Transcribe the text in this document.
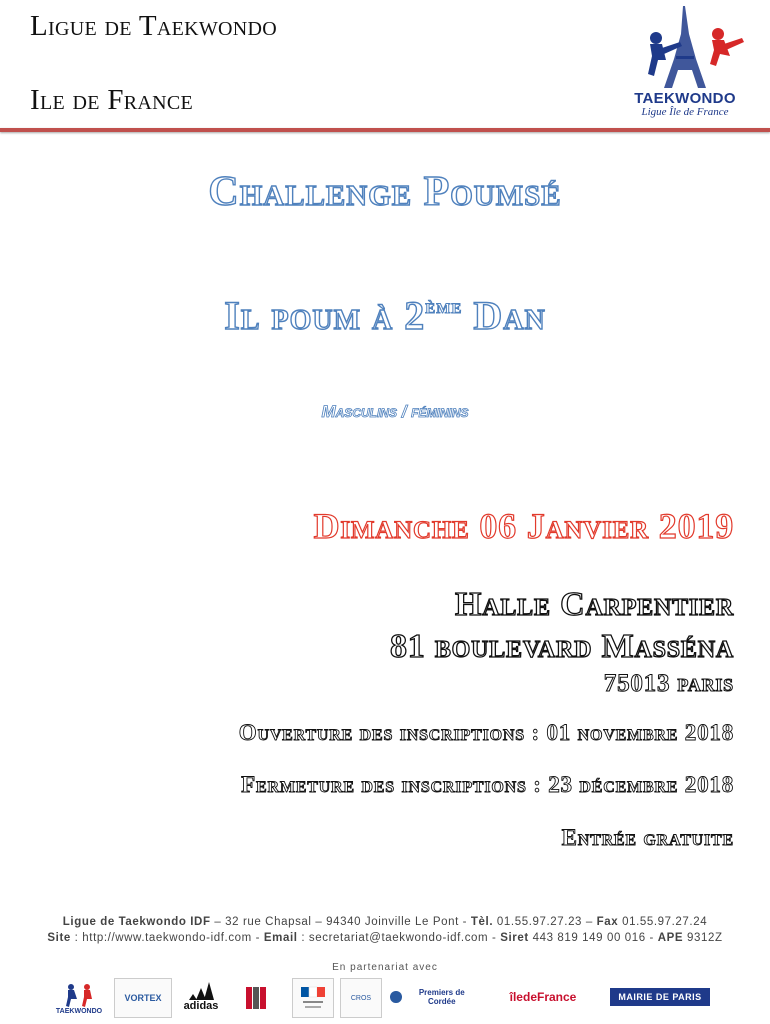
Ligue de Taekwondo
Ile de France	TAEKWONDO
Ligue Île de France
Challenge Poumsé
Il poum à 2ème Dan
Masculins / féminins
Dimanche 06 Janvier 2019
Halle Carpentier
81 boulevard Masséna
75013 paris
Ouverture des inscriptions : 01 novembre 2018
Fermeture des inscriptions : 23 décembre 2018
Entrée gratuite
Ligue de Taekwondo IDF – 32 rue Chapsal – 94340 Joinville Le Pont - Tèl. 01.55.97.27.23 – Fax 01.55.97.27.24
Site : http://www.taekwondo-idf.com - Email : secretariat@taekwondo-idf.com - Siret 443 819 149 00 016 - APE 9312Z
En partenariat avec
TAEKWONDO
VORTEX
adidas
CROS
Premiers de Cordée	îledeFrance	MAIRIE DE PARIS
